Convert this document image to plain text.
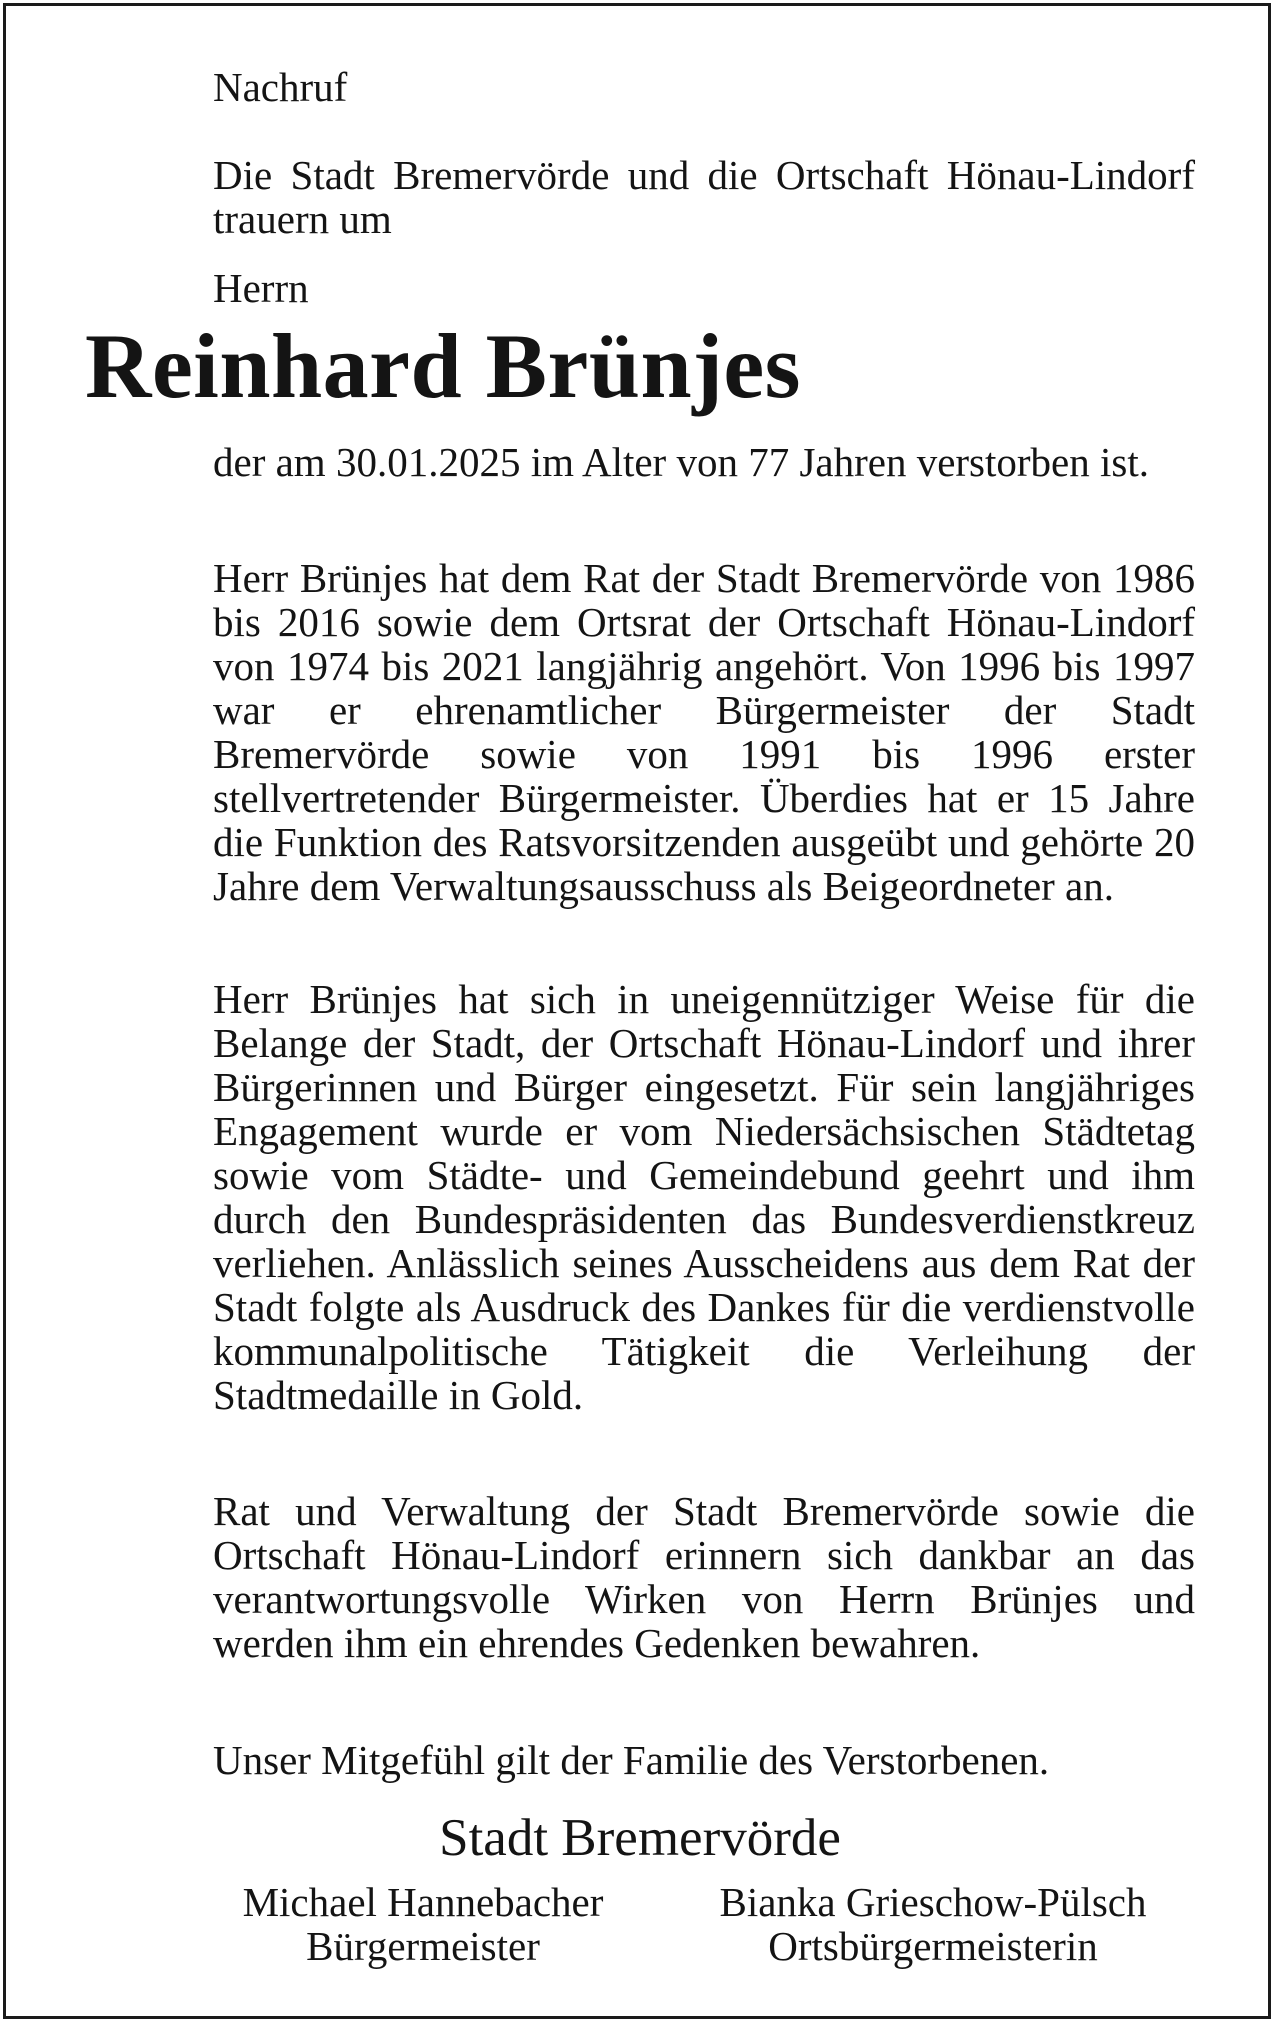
Nachruf

Die Stadt Bremervörde und die Ortschaft Hönau-Lindorf trauern um

Herrn

Reinhard Brünjes

der am 30.01.2025 im Alter von 77 Jahren verstorben ist.

Herr Brünjes hat dem Rat der Stadt Bremervörde von 1986 bis 2016 sowie dem Ortsrat der Ortschaft Hönau-Lindorf von 1974 bis 2021 langjährig angehört. Von 1996 bis 1997 war er ehrenamtlicher Bürgermeister der Stadt Bremervörde sowie von 1991 bis 1996 erster stellvertretender Bürgermeister. Überdies hat er 15 Jahre die Funktion des Ratsvorsitzenden ausgeübt und gehörte 20 Jahre dem Verwaltungsausschuss als Beigeordneter an.

Herr Brünjes hat sich in uneigennütziger Weise für die Belange der Stadt, der Ortschaft Hönau-Lindorf und ihrer Bürgerinnen und Bürger eingesetzt. Für sein langjähriges Engagement wurde er vom Niedersächsischen Städtetag sowie vom Städte- und Gemeindebund geehrt und ihm durch den Bundespräsidenten das Bundesverdienstkreuz verliehen. Anlässlich seines Ausscheidens aus dem Rat der Stadt folgte als Ausdruck des Dankes für die verdienstvolle kommunalpolitische Tätigkeit die Verleihung der Stadtmedaille in Gold.

Rat und Verwaltung der Stadt Bremervörde sowie die Ortschaft Hönau-Lindorf erinnern sich dankbar an das verantwortungsvolle Wirken von Herrn Brünjes und werden ihm ein ehrendes Gedenken bewahren.

Unser Mitgefühl gilt der Familie des Verstorbenen.

Stadt Bremervörde

Michael Hannebacher
Bürgermeister
Bianka Grieschow-Pülsch
Ortsbürgermeisterin
